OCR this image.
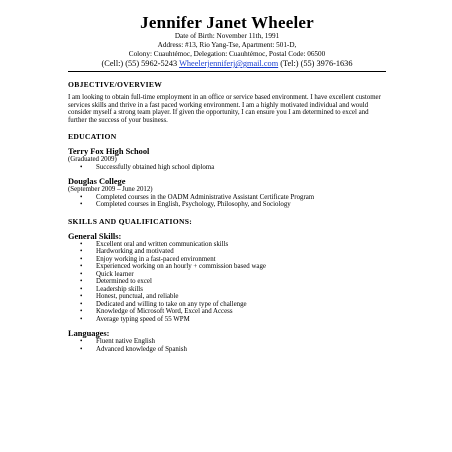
Jennifer Janet Wheeler
Date of Birth: November 11th, 1991
Address: #13, Rio Yang-Tse, Apartment: 501-D,
Colony: Cuauhtémoc, Delegation: Cuauhtémoc, Postal Code: 06500
(Cell:) (55) 5962-5243 Wheelerjenniferj@gmail.com (Tel:) (55) 3976-1636
OBJECTIVE/OVERVIEW
I am looking to obtain full-time employment in an office or service based environment. I have excellent customer services skills and thrive in a fast paced working environment. I am a highly motivated individual and would consider myself a strong team player. If given the opportunity, I can ensure you I am determined to excel and further the success of your business.
EDUCATION
Terry Fox High School
(Graduated 2009)
• Successfully obtained high school diploma
Douglas College
(September 2009 – June 2012)
• Completed courses in the OADM Administrative Assistant Certificate Program
• Completed courses in English, Psychology, Philosophy, and Sociology
SKILLS AND QUALIFICATIONS:
General Skills:
• Excellent oral and written communication skills
• Hardworking and motivated
• Enjoy working in a fast-paced environment
• Experienced working on an hourly + commission based wage
• Quick learner
• Determined to excel
• Leadership skills
• Honest, punctual, and reliable
• Dedicated and willing to take on any type of challenge
• Knowledge of Microsoft Word, Excel and Access
• Average typing speed of 55 WPM
Languages:
• Fluent native English
• Advanced knowledge of Spanish
